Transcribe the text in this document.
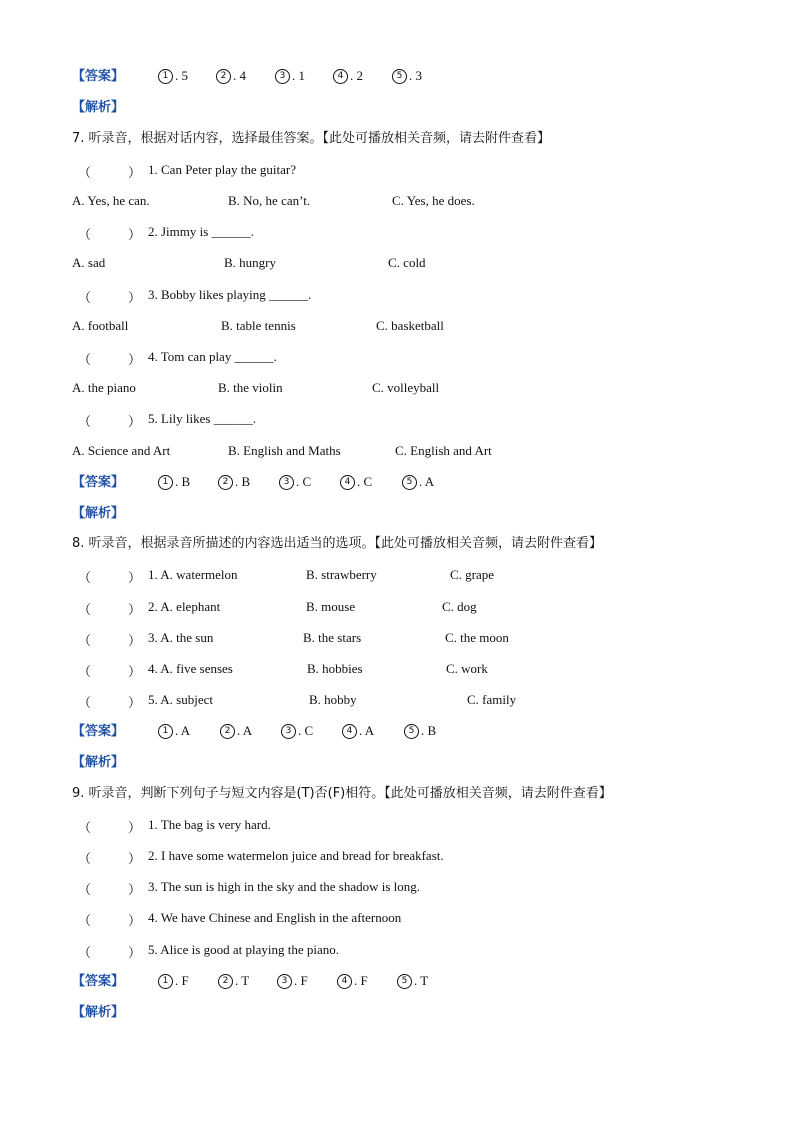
【答案】	1 . 5	2 . 4	3 . 1	4 . 2	5 . 3
【解析】
7. 听录音，根据对话内容，选择最佳答案。【此处可播放相关音频，请去附件查看】
（	） 1. Can Peter play the guitar?
A. Yes, he can.	B. No, he can’t.	C. Yes, he does.
（	） 2. Jimmy is ______.
A. sad	B. hungry	C. cold
（	） 3. Bobby likes playing ______.
A. football	B. table tennis	C. basketball
（	） 4. Tom can play ______.
A. the piano	B. the violin	C. volleyball
（	） 5. Lily likes ______.
A. Science and Art	B. English and Maths	C. English and Art
【答案】	1 . B	2 . B	3 . C	4 . C	5 . A
【解析】
8. 听录音，根据录音所描述的内容选出适当的选项。【此处可播放相关音频，请去附件查看】
（	） 1. A. watermelon	B. strawberry	C. grape
（	） 2. A. elephant	B. mouse	C. dog
（	） 3. A. the sun	B. the stars	C. the moon
（	） 4. A. five senses	B. hobbies	C. work
（	） 5. A. subject	B. hobby	C. family
【答案】	1 . A	2 . A	3 . C	4 . A	5 . B
【解析】
9. 听录音，判断下列句子与短文内容是(T)否(F)相符。【此处可播放相关音频，请去附件查看】
（	） 1. The bag is very hard.
（	） 2. I have some watermelon juice and bread for breakfast.
（	） 3. The sun is high in the sky and the shadow is long.
（	） 4. We have Chinese and English in the afternoon
（	） 5. Alice is good at playing the piano.
【答案】	1 . F	2 . T	3 . F	4 . F	5 . T
【解析】
